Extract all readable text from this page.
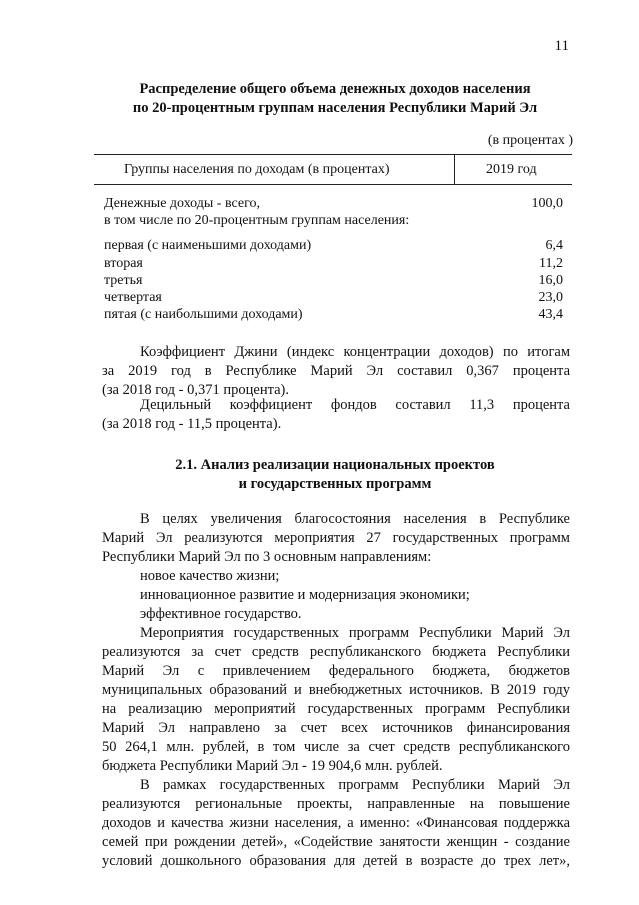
11
Распределение общего объема денежных доходов населения
по 20-процентным группам населения Республики Марий Эл
(в процентах )
Группы населения по доходам (в процентах)	2019 год
Денежные доходы - всего,	100,0
в том числе по 20-процентным группам населения:
первая (с наименьшими доходами)	6,4
вторая	11,2
третья	16,0
четвертая	23,0
пятая (с наибольшими доходами)	43,4
Коэффициент Джини (индекс концентрации доходов) по итогам
за 2019 год в Республике Марий Эл составил 0,367 процента
(за 2018 год - 0,371 процента).
Децильный коэффициент фондов составил 11,3 процента
(за 2018 год - 11,5 процента).
2.1. Анализ реализации национальных проектов
и государственных программ
В целях увеличения благосостояния населения в Республике
Марий Эл реализуются мероприятия 27 государственных программ
Республики Марий Эл по 3 основным направлениям:
новое качество жизни;
инновационное развитие и модернизация экономики;
эффективное государство.
Мероприятия государственных программ Республики Марий Эл
реализуются за счет средств республиканского бюджета Республики
Марий Эл с привлечением федерального бюджета, бюджетов
муниципальных образований и внебюджетных источников. В 2019 году
на реализацию мероприятий государственных программ Республики
Марий Эл направлено за счет всех источников финансирования
50 264,1 млн. рублей, в том числе за счет средств республиканского
бюджета Республики Марий Эл - 19 904,6 млн. рублей.
В рамках государственных программ Республики Марий Эл
реализуются региональные проекты, направленные на повышение
доходов и качества жизни населения, а именно: «Финансовая поддержка
семей при рождении детей», «Содействие занятости женщин - создание
условий дошкольного образования для детей в возрасте до трех лет»,
